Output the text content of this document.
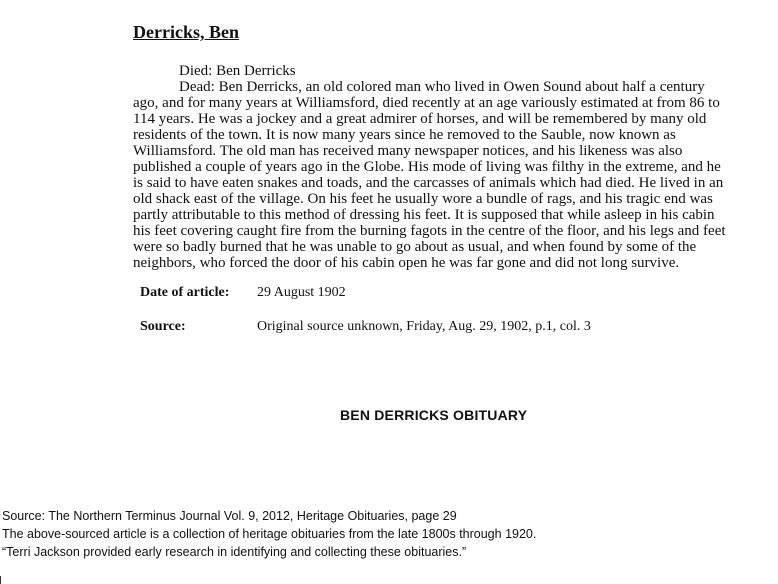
Derricks, Ben

Died: Ben Derricks

Dead: Ben Derricks, an old colored man who lived in Owen Sound about half a century ago, and for many years at Williamsford, died recently at an age variously estimated at from 86 to 114 years. He was a jockey and a great admirer of horses, and will be remembered by many old residents of the town. It is now many years since he removed to the Sauble, now known as Williamsford. The old man has received many newspaper notices, and his likeness was also published a couple of years ago in the Globe. His mode of living was filthy in the extreme, and he is said to have eaten snakes and toads, and the carcasses of animals which had died. He lived in an old shack east of the village. On his feet he usually wore a bundle of rags, and his tragic end was partly attributable to this method of dressing his feet. It is supposed that while asleep in his cabin his feet covering caught fire from the burning fagots in the centre of the floor, and his legs and feet were so badly burned that he was unable to go about as usual, and when found by some of the neighbors, who forced the door of his cabin open he was far gone and did not long survive.

Date of article:	29 August 1902
Source:	Original source unknown, Friday, Aug. 29, 1902, p.1, col. 3
BEN DERRICKS OBITUARY

Source: The Northern Terminus Journal Vol. 9, 2012, Heritage Obituaries, page 29

The above-sourced article is a collection of heritage obituaries from the late 1800s through 1920.

“Terri Jackson provided early research in identifying and collecting these obituaries.”
